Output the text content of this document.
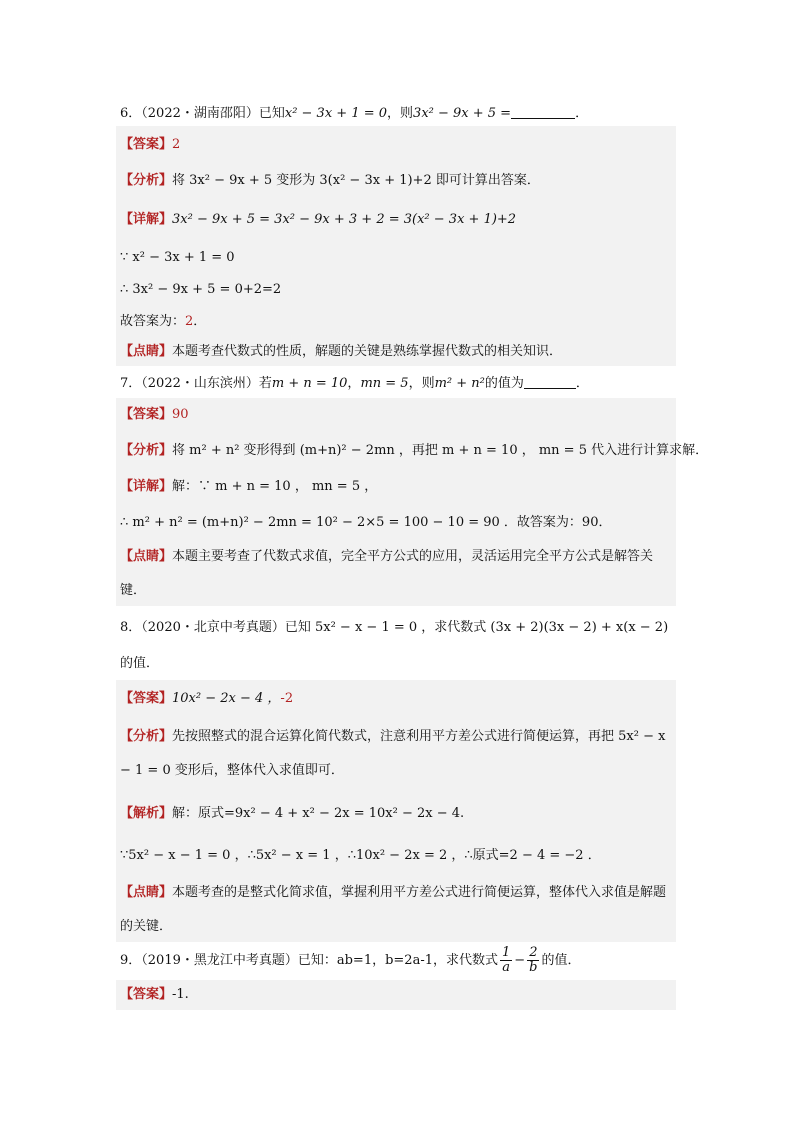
6．（2022・湖南邵阳）已知x² − 3x + 1 = 0，则3x² − 9x + 5 =	．
【答案】2
【分析】将 3x² − 9x + 5 变形为 3(x² − 3x + 1)+2 即可计算出答案．
【详解】3x² − 9x + 5 = 3x² − 9x + 3 + 2 = 3(x² − 3x + 1)+2
∵ x² − 3x + 1 = 0
∴ 3x² − 9x + 5 = 0+2=2
故答案为：2．
【点睛】本题考查代数式的性质，解题的关键是熟练掌握代数式的相关知识．
7．（2022・山东滨州）若m + n = 10，mn = 5，则m² + n²的值为	．
【答案】90
【分析】将 m² + n² 变形得到 (m+n)² − 2mn ，再把 m + n = 10 ， mn = 5 代入进行计算求解．
【详解】解：∵ m + n = 10 ， mn = 5 ，
∴ m² + n² = (m+n)² − 2mn = 10² − 2×5 = 100 − 10 = 90 ．故答案为：90．
【点睛】本题主要考查了代数式求值，完全平方公式的应用，灵活运用完全平方公式是解答关键．
8．（2020・北京中考真题）已知 5x² − x − 1 = 0 ，求代数式 (3x + 2)(3x − 2) + x(x − 2) 的值．
【答案】10x² − 2x − 4 ，-2
【分析】先按照整式的混合运算化简代数式，注意利用平方差公式进行简便运算，再把 5x² − x − 1 = 0 变形后，整体代入求值即可．
【解析】解：原式=9x² − 4 + x² − 2x = 10x² − 2x − 4.
∵5x² − x − 1 = 0 ，∴5x² − x = 1 ，∴10x² − 2x = 2 ，∴原式=2 − 4 = −2 ．
【点睛】本题考查的是整式化简求值，掌握利用平方差公式进行简便运算，整体代入求值是解题的关键．
9．（2019・黑龙江中考真题）已知：ab=1，b=2a-1，求代数式 $\frac{1}{a} - \frac{2}{b}$ 的值．
【答案】-1.
